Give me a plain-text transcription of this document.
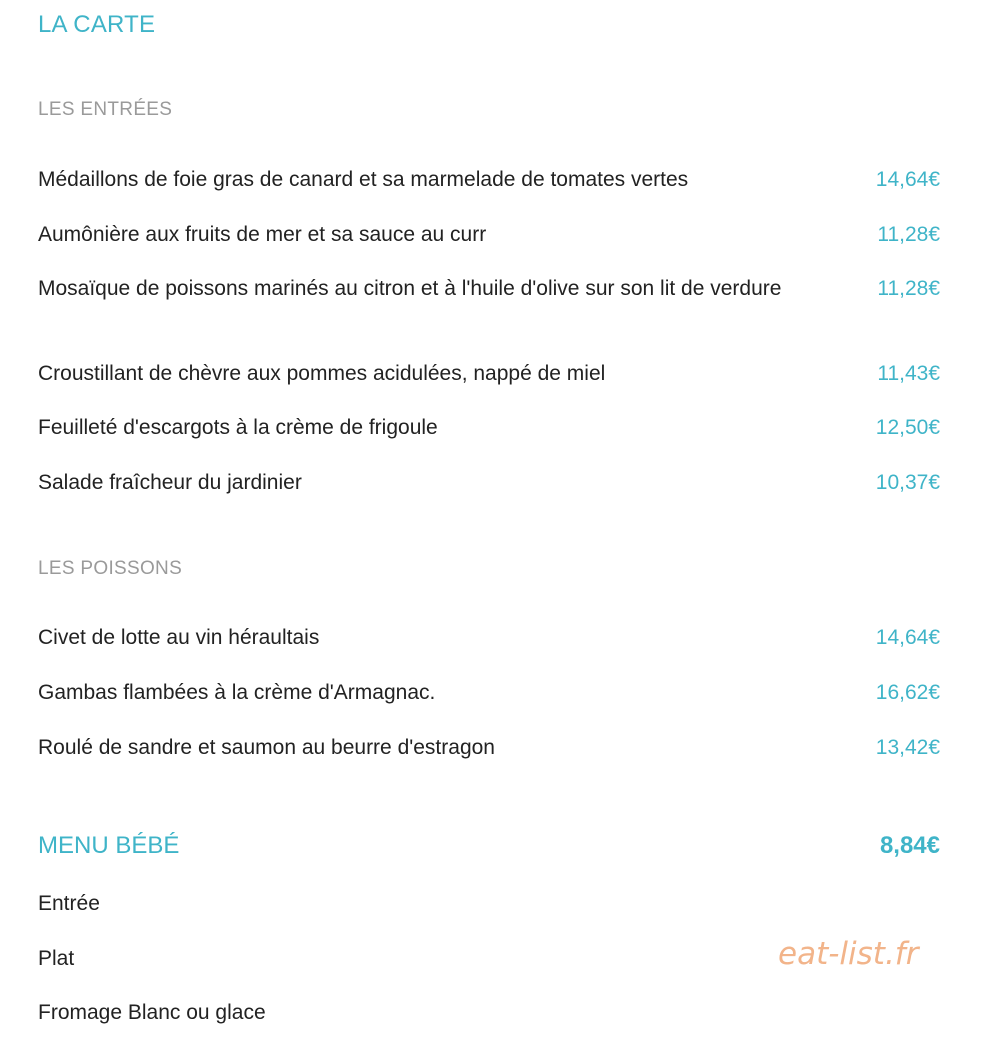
LA CARTE
LES ENTRÉES
Médaillons de foie gras de canard et sa marmelade de tomates vertes	14,64€
Aumônière aux fruits de mer et sa sauce au curr	11,28€
Mosaïque de poissons marinés au citron et à l'huile d'olive sur son lit de verdure	11,28€
Croustillant de chèvre aux pommes acidulées, nappé de miel	11,43€
Feuilleté d'escargots à la crème de frigoule	12,50€
Salade fraîcheur du jardinier	10,37€
LES POISSONS
Civet de lotte au vin héraultais	14,64€
Gambas flambées à la crème d'Armagnac.	16,62€
Roulé de sandre et saumon au beurre d'estragon	13,42€
MENU BÉBÉ	8,84€
Entrée
Plat
Fromage Blanc ou glace
eat-list.fr
